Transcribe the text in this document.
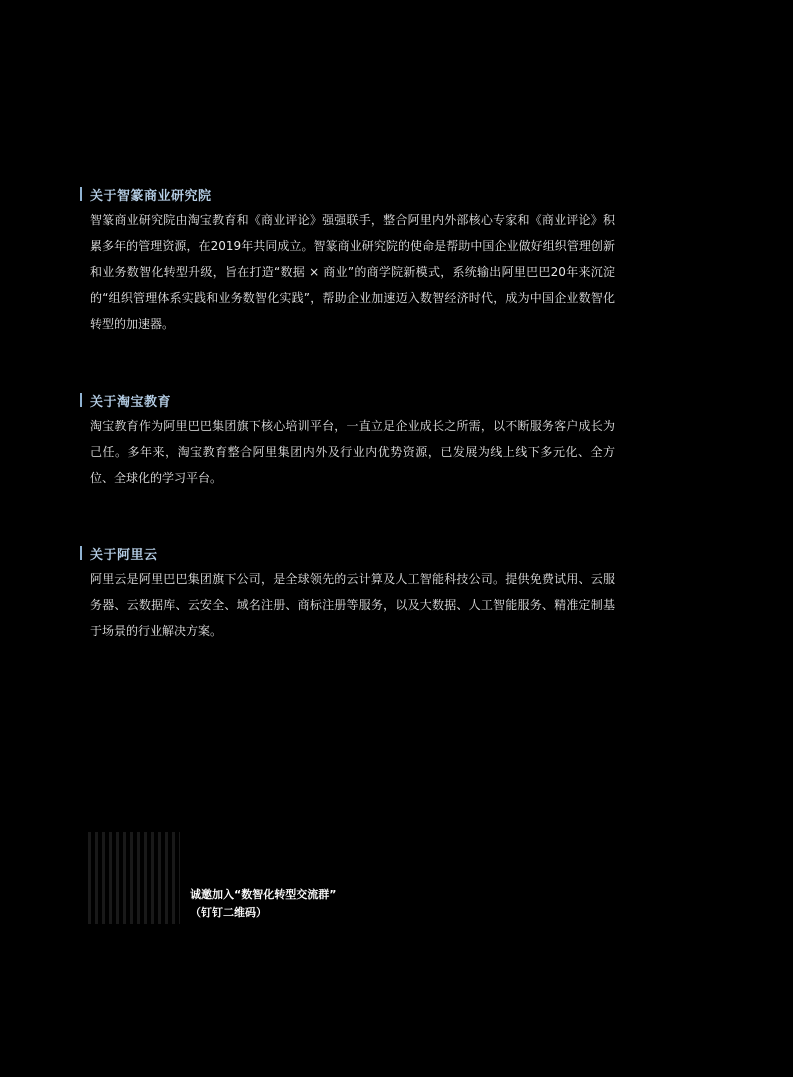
关于智篆商业研究院
智篆商业研究院由淘宝教育和《商业评论》强强联手，整合阿里内外部核心专家和《商业评论》积累多年的管理资源，在2019年共同成立。智篆商业研究院的使命是帮助中国企业做好组织管理创新和业务数智化转型升级，旨在打造“数据 × 商业”的商学院新模式，系统输出阿里巴巴20年来沉淀的“组织管理体系实践和业务数智化实践”，帮助企业加速迈入数智经济时代，成为中国企业数智化转型的加速器。
关于淘宝教育
淘宝教育作为阿里巴巴集团旗下核心培训平台，一直立足企业成长之所需，以不断服务客户成长为己任。多年来，淘宝教育整合阿里集团内外及行业内优势资源，已发展为线上线下多元化、全方位、全球化的学习平台。
关于阿里云
阿里云是阿里巴巴集团旗下公司，是全球领先的云计算及人工智能科技公司。提供免费试用、云服务器、云数据库、云安全、域名注册、商标注册等服务，以及大数据、人工智能服务、精准定制基于场景的行业解决方案。
诚邀加入“数智化转型交流群”
（钉钉二维码）
